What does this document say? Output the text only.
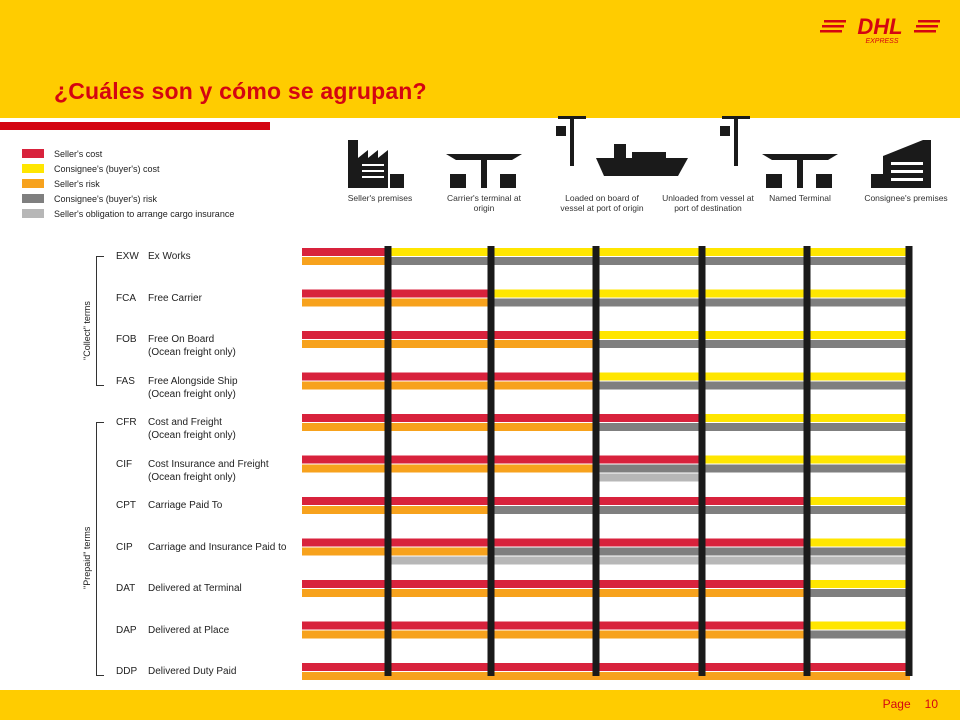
¿Cuáles son y cómo se agrupan?
DHL
EXPRESS
Seller's cost
Consignee's (buyer's) cost
Seller's risk
Consignee's (buyer's) risk
Seller's obligation to arrange cargo insurance
Seller's premises	Carrier's terminal at origin
Loaded on board of vessel at port of origin
Unloaded from vessel at port of destination
Named Terminal	Consignee's premises
EXW Ex Works
FCA	Free Carrier
FOB	Free On Board
(Ocean freight only)
FAS	Free Alongside Ship
(Ocean freight only)
CFR	Cost and Freight
(Ocean freight only)
CIF	Cost Insurance and Freight
(Ocean freight only)
CPT	Carriage Paid To
CIP	Carriage and Insurance Paid to
DAT	Delivered at Terminal
DAP	Delivered at Place
DDP	Delivered Duty Paid
"Collect" terms
"Prepaid" terms
Page 10
